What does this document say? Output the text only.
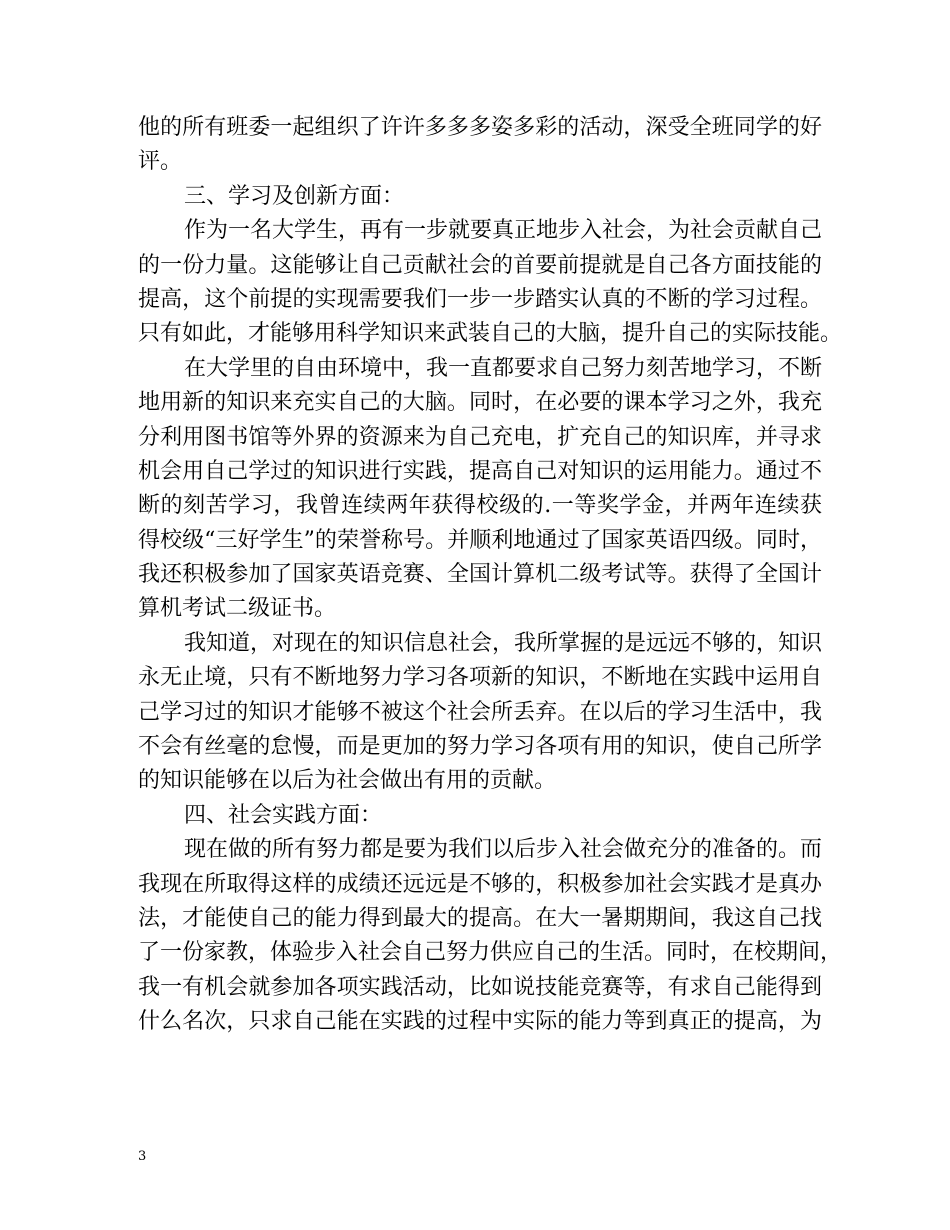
他的所有班委一起组织了许许多多多姿多彩的活动，深受全班同学的好
评。
三、学习及创新方面：
作为一名大学生，再有一步就要真正地步入社会，为社会贡献自己
的一份力量。这能够让自己贡献社会的首要前提就是自己各方面技能的
提高，这个前提的实现需要我们一步一步踏实认真的不断的学习过程。
只有如此，才能够用科学知识来武装自己的大脑，提升自己的实际技能。
在大学里的自由环境中，我一直都要求自己努力刻苦地学习，不断
地用新的知识来充实自己的大脑。同时，在必要的课本学习之外，我充
分利用图书馆等外界的资源来为自己充电，扩充自己的知识库，并寻求
机会用自己学过的知识进行实践，提高自己对知识的运用能力。通过不
断的刻苦学习，我曾连续两年获得校级的.一等奖学金，并两年连续获
得校级“三好学生”的荣誉称号。并顺利地通过了国家英语四级。同时，
我还积极参加了国家英语竞赛、全国计算机二级考试等。获得了全国计
算机考试二级证书。
我知道，对现在的知识信息社会，我所掌握的是远远不够的，知识
永无止境，只有不断地努力学习各项新的知识，不断地在实践中运用自
己学习过的知识才能够不被这个社会所丢弃。在以后的学习生活中，我
不会有丝毫的怠慢，而是更加的努力学习各项有用的知识，使自己所学
的知识能够在以后为社会做出有用的贡献。
四、社会实践方面：
现在做的所有努力都是要为我们以后步入社会做充分的准备的。而
我现在所取得这样的成绩还远远是不够的，积极参加社会实践才是真办
法，才能使自己的能力得到最大的提高。在大一暑期期间，我这自己找
了一份家教，体验步入社会自己努力供应自己的生活。同时，在校期间，
我一有机会就参加各项实践活动，比如说技能竞赛等，有求自己能得到
什么名次，只求自己能在实践的过程中实际的能力等到真正的提高，为
3
